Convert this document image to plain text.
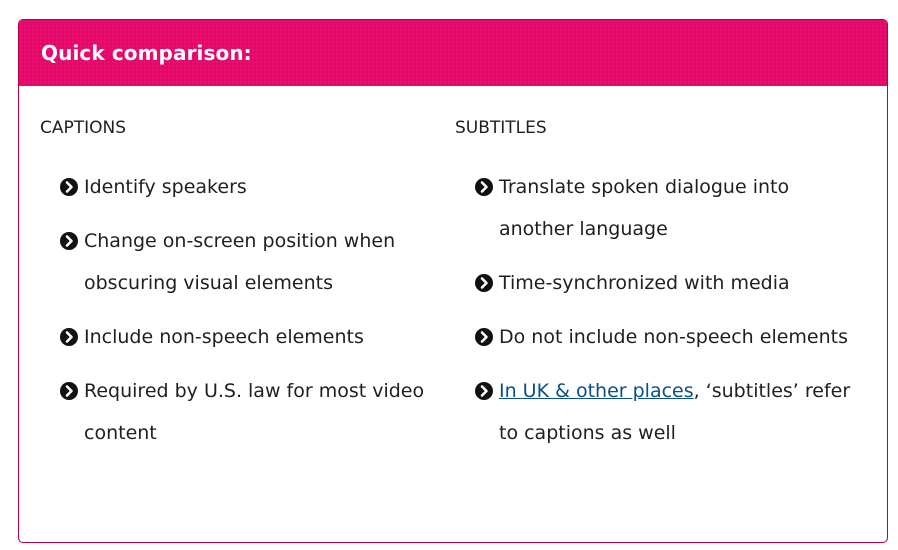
Quick comparison:
CAPTIONS
Identify speakers
Change on-screen position when obscuring visual elements
Include non-speech elements
Required by U.S. law for most video content
SUBTITLES
Translate spoken dialogue into another language
Time-synchronized with media
Do not include non-speech elements
In UK & other places, ‘subtitles’ refer to captions as well
